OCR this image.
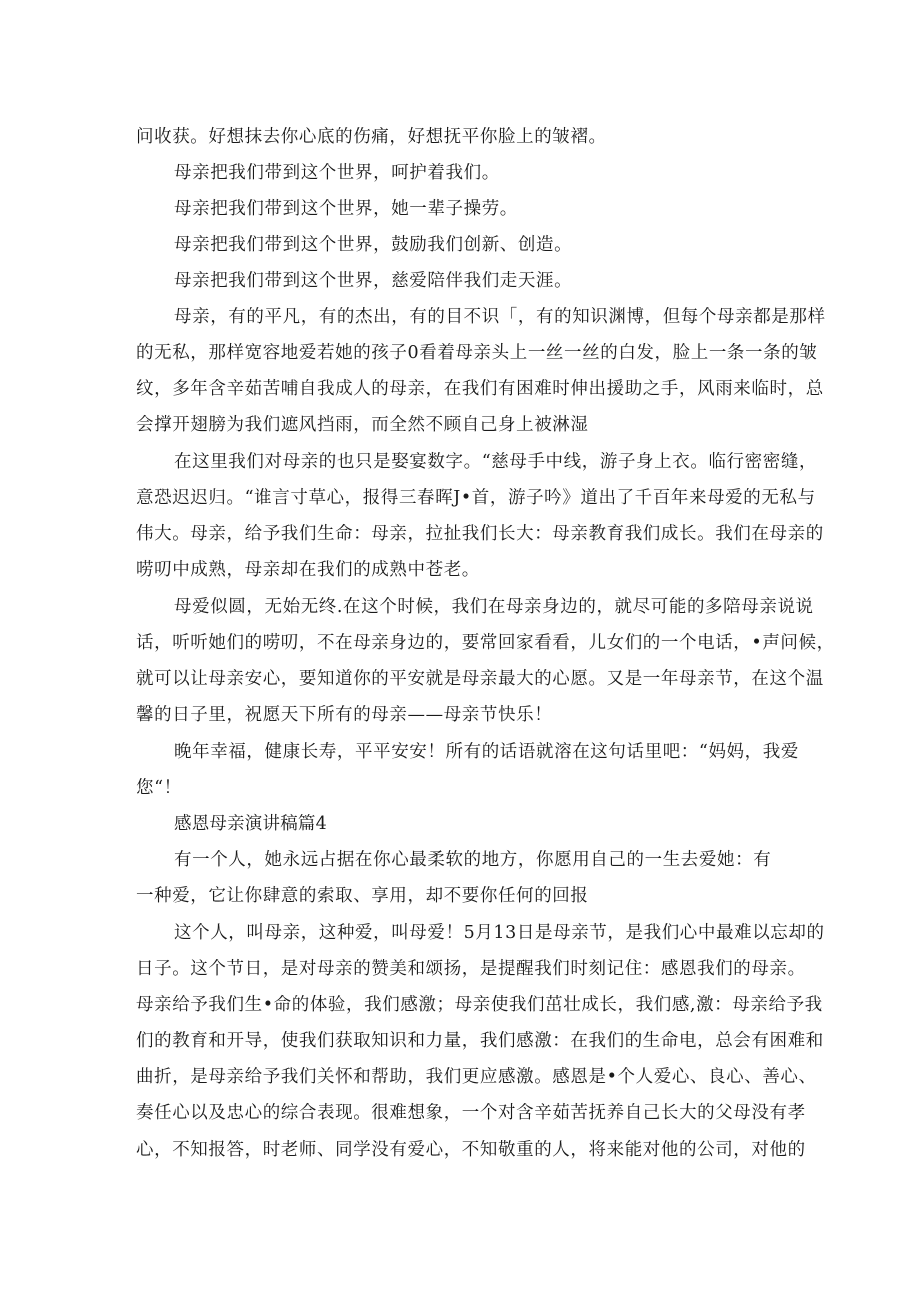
问收获。好想抹去你心底的伤痛，好想抚平你脸上的皱褶。
母亲把我们带到这个世界，呵护着我们。
母亲把我们带到这个世界，她一辈子操劳。
母亲把我们带到这个世界，鼓励我们创新、创造。
母亲把我们带到这个世界，慈爱陪伴我们走天涯。
母亲，有的平凡，有的杰出，有的目不识「，有的知识渊博，但每个母亲都是那样
的无私，那样宽容地爱若她的孩子0看着母亲头上一丝一丝的白发，脸上一条一条的皱
纹，多年含辛茹苦哺自我成人的母亲，在我们有困难时伸出援助之手，风雨来临时，总
会撑开翅膀为我们遮风挡雨，而全然不顾自己身上被淋湿
在这里我们对母亲的也只是娶宴数字。“慈母手中线，游子身上衣。临行密密缝，
意恐迟迟归。“谁言寸草心，报得三春晖J•首，游子吟》道出了千百年来母爱的无私与
伟大。母亲，给予我们生命：母亲，拉扯我们长大：母亲教育我们成长。我们在母亲的
唠叨中成熟，母亲却在我们的成熟中苍老。
母爱似圆，无始无终.在这个时候，我们在母亲身边的，就尽可能的多陪母亲说说
话，听听她们的唠叨，不在母亲身边的，要常回家看看，儿女们的一个电话，•声问候，
就可以让母亲安心，要知道你的平安就是母亲最大的心愿。又是一年母亲节，在这个温
馨的日子里，祝愿天下所有的母亲——母亲节快乐！
晚年幸福，健康长寿，平平安安！所有的话语就溶在这句话里吧：“妈妈，我爱
您“！
感恩母亲演讲稿篇4
有一个人，她永远占据在你心最柔软的地方，你愿用自己的一生去爱她：有
一种爱，它让你肆意的索取、享用，却不要你任何的回报
这个人，叫母亲，这种爱，叫母爱！5月13日是母亲节，是我们心中最难以忘却的
日子。这个节日，是对母亲的赞美和颂扬，是提醒我们时刻记住：感恩我们的母亲。
母亲给予我们生•命的体验，我们感激；母亲使我们茁壮成长，我们感,激：母亲给予我
们的教育和开导，使我们获取知识和力量，我们感激：在我们的生命电，总会有困难和
曲折，是母亲给予我们关怀和帮助，我们更应感激。感恩是•个人爱心、良心、善心、
奏任心以及忠心的综合表现。很难想象，一个对含辛茹苦抚养自己长大的父母没有孝
心，不知报答，时老师、同学没有爱心，不知敬重的人，将来能对他的公司，对他的
